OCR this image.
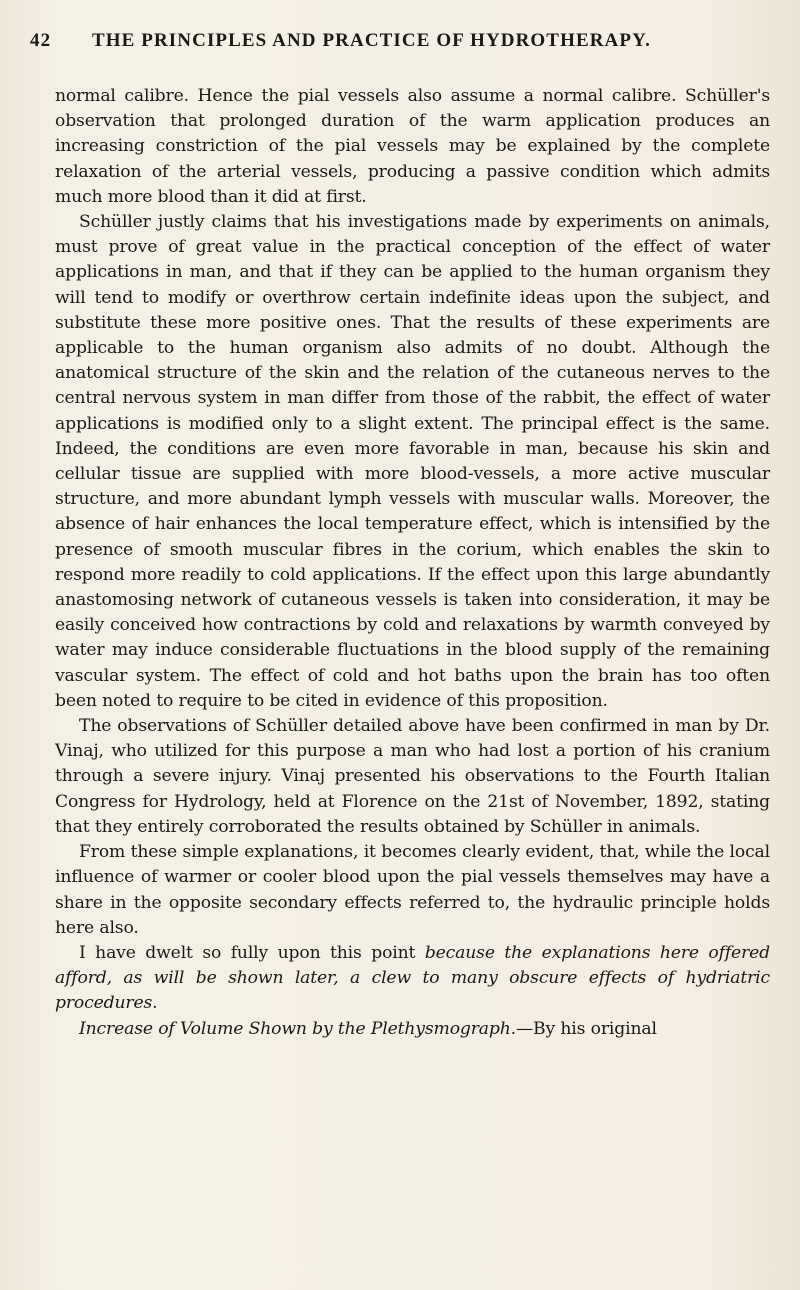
42	THE PRINCIPLES AND PRACTICE OF HYDROTHERAPY.

normal calibre. Hence the pial vessels also assume a normal calibre. Schüller's observation that prolonged duration of the warm application produces an increasing constriction of the pial vessels may be explained by the complete relaxation of the arterial vessels, producing a passive condition which admits much more blood than it did at first.

Schüller justly claims that his investigations made by experiments on animals, must prove of great value in the practical conception of the effect of water applications in man, and that if they can be applied to the human organism they will tend to modify or overthrow certain indefinite ideas upon the subject, and substitute these more positive ones. That the results of these experiments are applicable to the human organism also admits of no doubt. Although the anatomical structure of the skin and the relation of the cutaneous nerves to the central nervous system in man differ from those of the rabbit, the effect of water applications is modified only to a slight extent. The principal effect is the same. Indeed, the conditions are even more favorable in man, because his skin and cellular tissue are supplied with more blood-vessels, a more active muscular structure, and more abundant lymph vessels with muscular walls. Moreover, the absence of hair enhances the local temperature effect, which is intensified by the presence of smooth muscular fibres in the corium, which enables the skin to respond more readily to cold applications. If the effect upon this large abundantly anastomosing network of cutaneous vessels is taken into consideration, it may be easily conceived how contractions by cold and relaxations by warmth conveyed by water may induce considerable fluctuations in the blood supply of the remaining vascular system. The effect of cold and hot baths upon the brain has too often been noted to require to be cited in evidence of this proposition.

The observations of Schüller detailed above have been confirmed in man by Dr. Vinaj, who utilized for this purpose a man who had lost a portion of his cranium through a severe injury. Vinaj presented his observations to the Fourth Italian Congress for Hydrology, held at Florence on the 21st of November, 1892, stating that they entirely corroborated the results obtained by Schüller in animals.

From these simple explanations, it becomes clearly evident, that, while the local influence of warmer or cooler blood upon the pial vessels themselves may have a share in the opposite secondary effects referred to, the hydraulic principle holds here also.

I have dwelt so fully upon this point because the explanations here offered afford, as will be shown later, a clew to many obscure effects of hydriatric procedures.

Increase of Volume Shown by the Plethysmograph.—By his original
